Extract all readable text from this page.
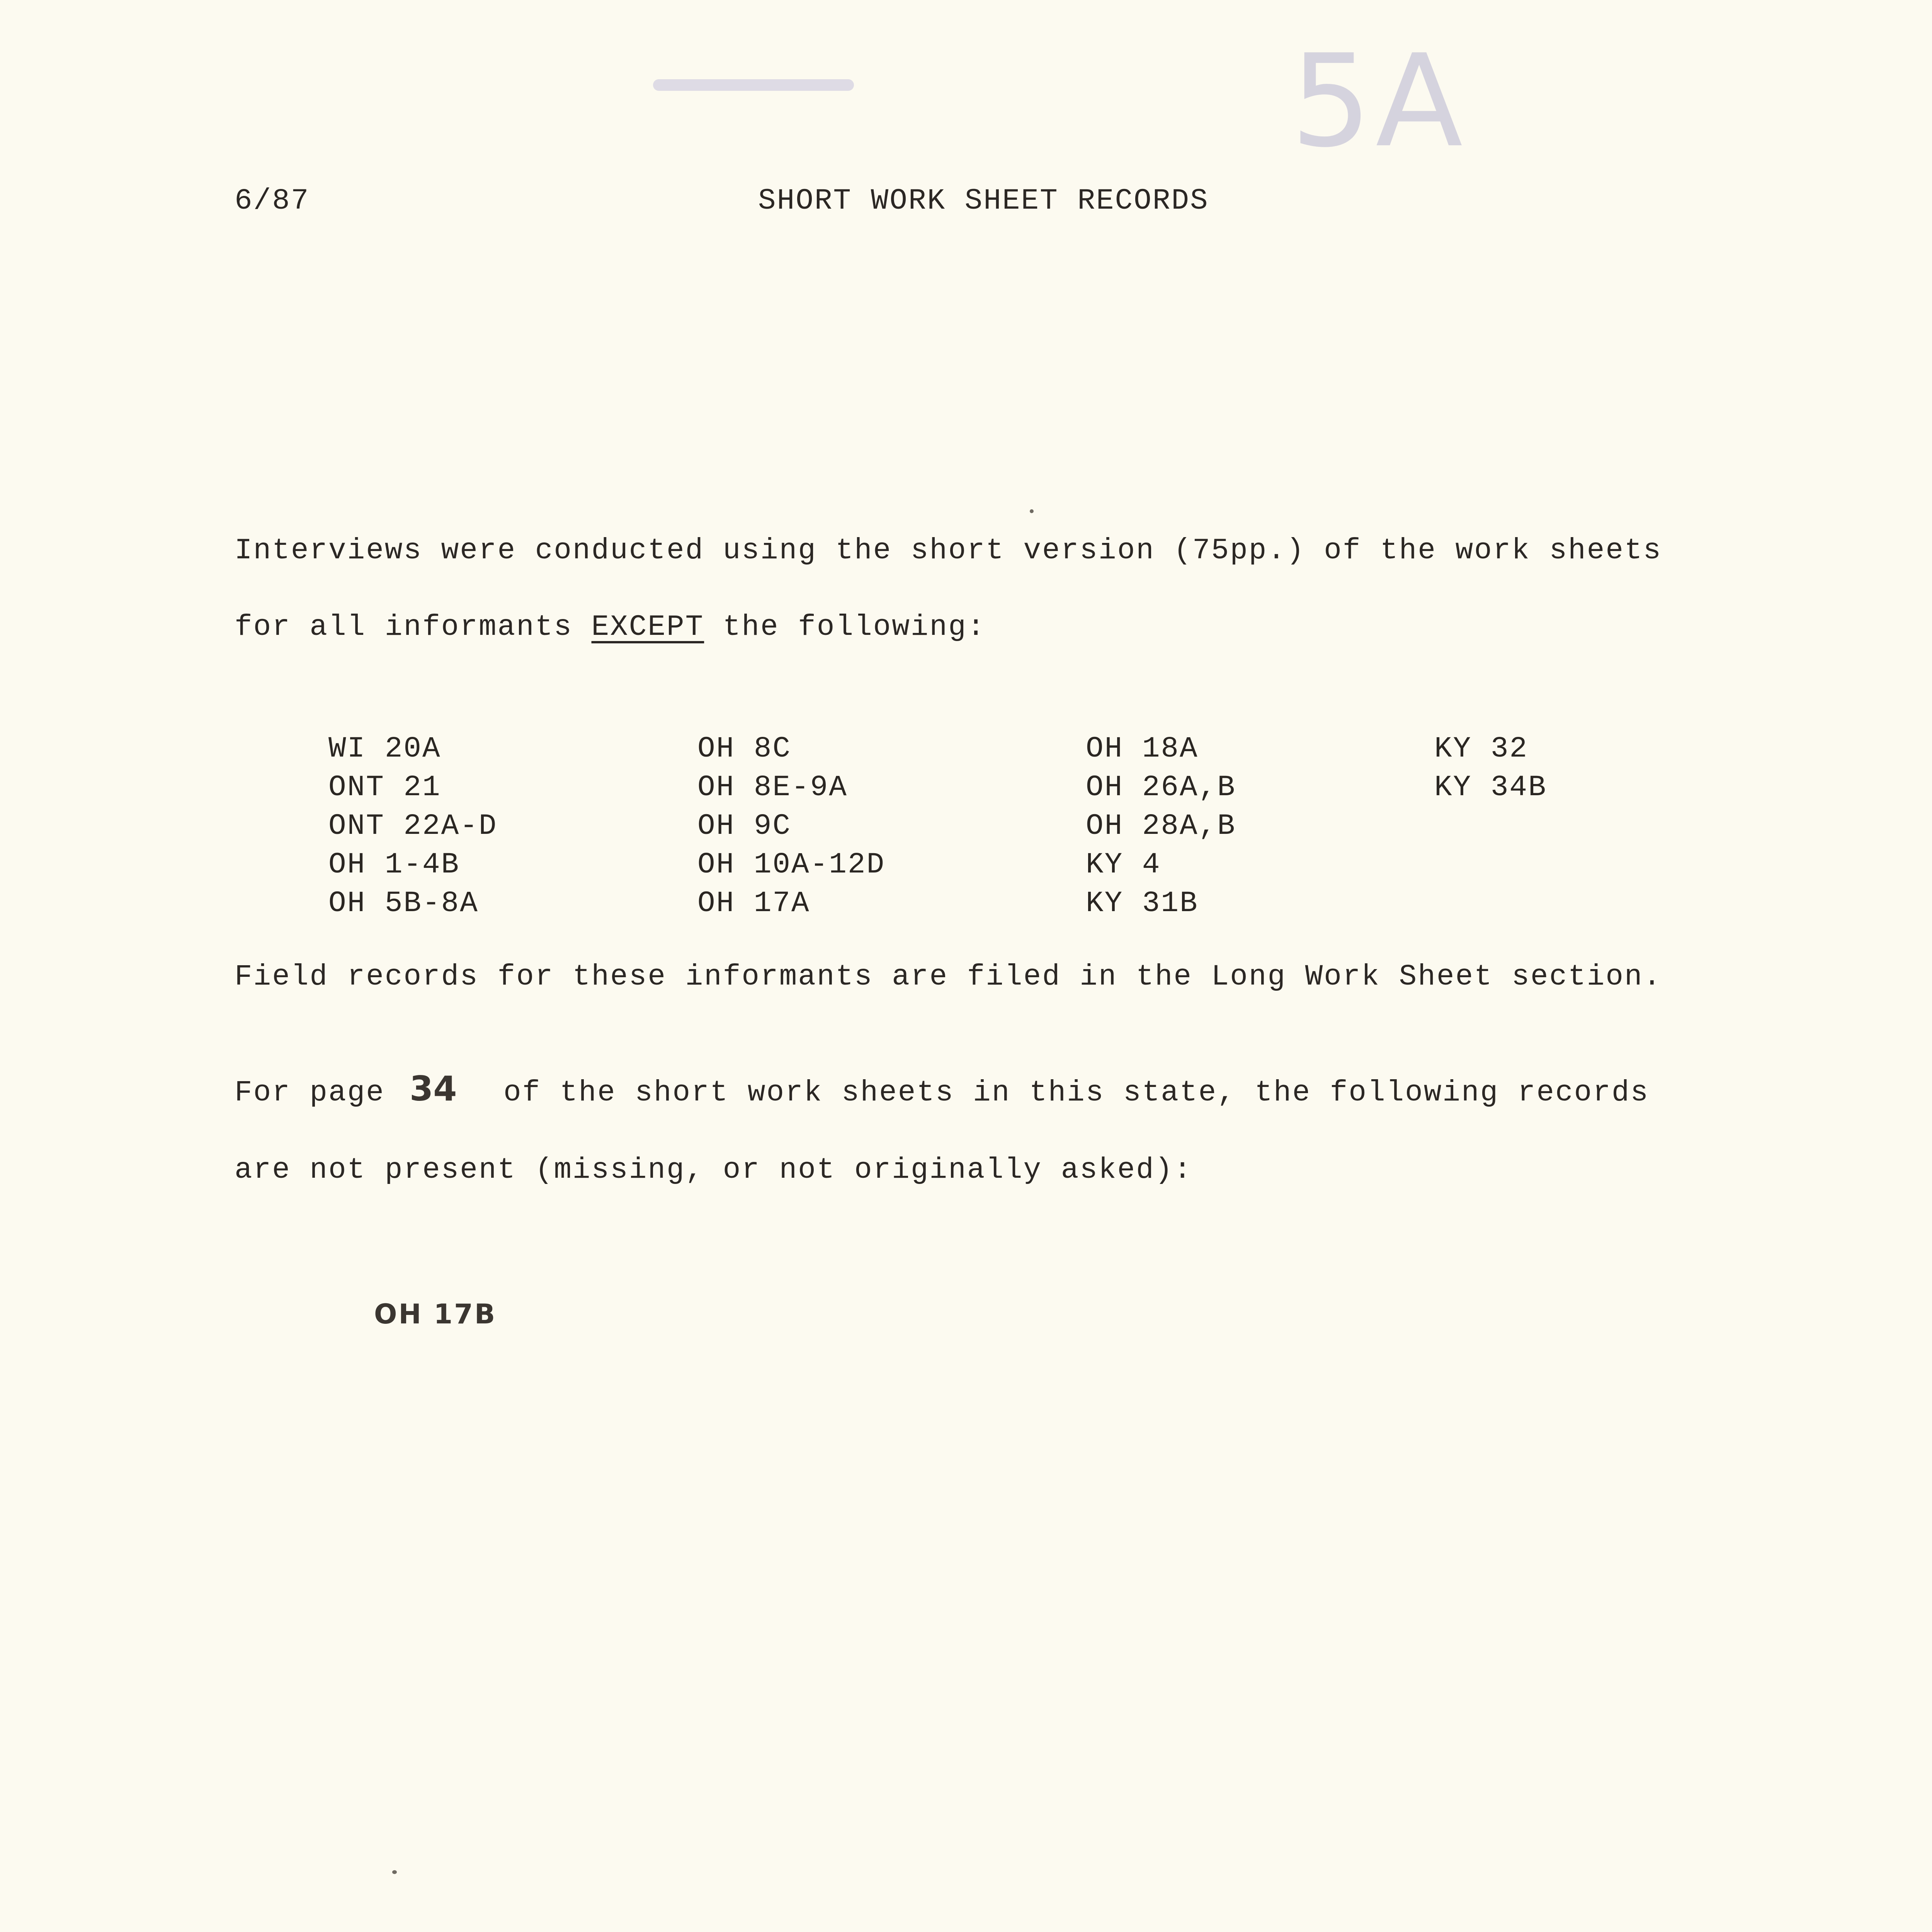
5A
6/87	SHORT WORK SHEET RECORDS
Interviews were conducted using the short version (75pp.) of the work sheets
for all informants EXCEPT the following:
WI 20A
ONT 21
ONT 22A-D
OH 1-4B
OH 5B-8A
OH 8C
OH 8E-9A
OH 9C
OH 10A-12D
OH 17A
OH 18A
OH 26A,B
OH 28A,B
KY 4
KY 31B
KY 32
KY 34B
Field records for these informants are filed in the Long Work Sheet section.
For page 34 of the short work sheets in this state, the following records
are not present (missing, or not originally asked):
OH 17B
